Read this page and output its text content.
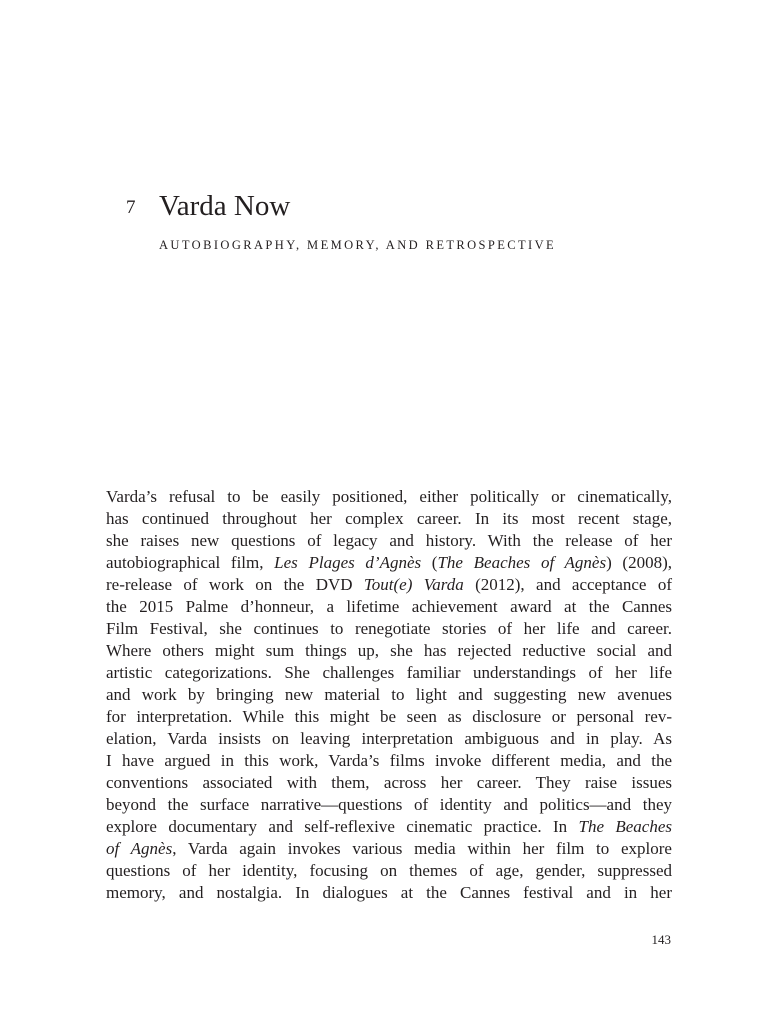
7 Varda Now
AUTOBIOGRAPHY, MEMORY, AND RETROSPECTIVE
Varda’s refusal to be easily positioned, either politically or cinematically,
has continued throughout her complex career. In its most recent stage,
she raises new questions of legacy and history. With the release of her
autobiographical film, Les Plages d’Agnès (The Beaches of Agnès) (2008),
re-release of work on the DVD Tout(e) Varda (2012), and acceptance of
the 2015 Palme d’honneur, a lifetime achievement award at the Cannes
Film Festival, she continues to renegotiate stories of her life and career.
Where others might sum things up, she has rejected reductive social and
artistic categorizations. She challenges familiar understandings of her life
and work by bringing new material to light and suggesting new avenues
for interpretation. While this might be seen as disclosure or personal rev-
elation, Varda insists on leaving interpretation ambiguous and in play. As
I have argued in this work, Varda’s films invoke different media, and the
conventions associated with them, across her career. They raise issues
beyond the surface narrative—questions of identity and politics—and they
explore documentary and self-reflexive cinematic practice. In The Beaches
of Agnès, Varda again invokes various media within her film to explore
questions of her identity, focusing on themes of age, gender, suppressed
memory, and nostalgia. In dialogues at the Cannes festival and in her
143
